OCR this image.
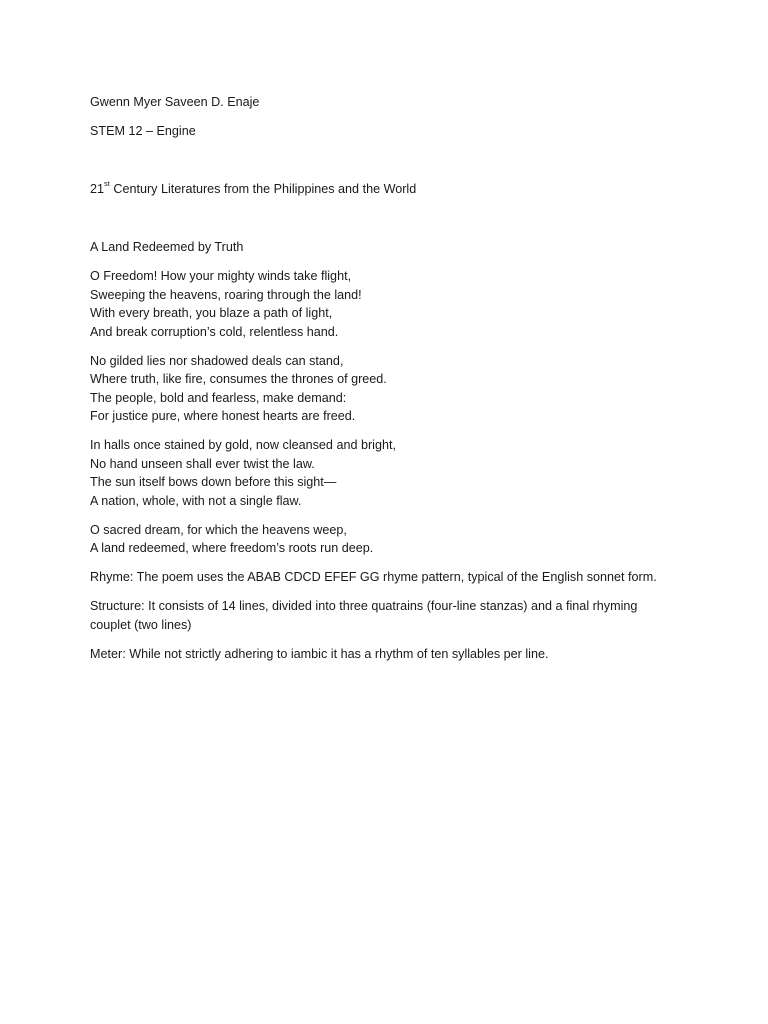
Gwenn Myer Saveen D. Enaje

STEM 12 – Engine

21st Century Literatures from the Philippines and the World

A Land Redeemed by Truth

O Freedom! How your mighty winds take flight,
Sweeping the heavens, roaring through the land!
With every breath, you blaze a path of light,
And break corruption’s cold, relentless hand.
No gilded lies nor shadowed deals can stand,
Where truth, like fire, consumes the thrones of greed.
The people, bold and fearless, make demand:
For justice pure, where honest hearts are freed.
In halls once stained by gold, now cleansed and bright,
No hand unseen shall ever twist the law.
The sun itself bows down before this sight—
A nation, whole, with not a single flaw.
O sacred dream, for which the heavens weep,
A land redeemed, where freedom’s roots run deep.

Rhyme: The poem uses the ABAB CDCD EFEF GG rhyme pattern, typical of the English sonnet form.

Structure: It consists of 14 lines, divided into three quatrains (four-line stanzas) and a final rhyming couplet (two lines)

Meter: While not strictly adhering to iambic it has a rhythm of ten syllables per line.
